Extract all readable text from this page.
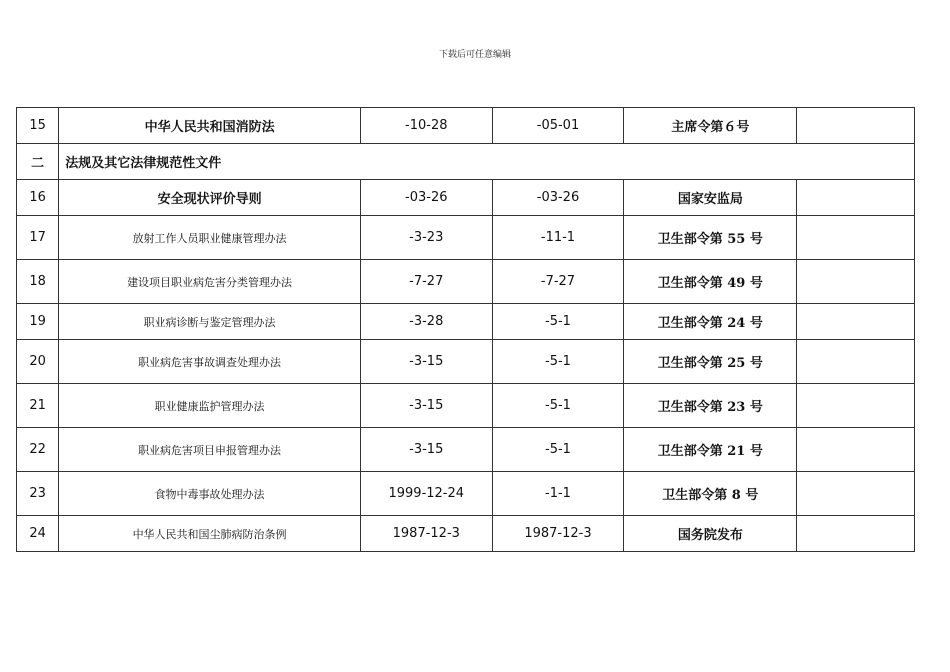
下载后可任意编辑
15	中华人民共和国消防法	-10-28	-05-01	主席令第６号	
二	法规及其它法律规范性文件				
16	安全现状评价导则	-03-26	-03-26	国家安监局	
17	放射工作人员职业健康管理办法	-3-23	-11-1	卫生部令第 55 号	
18	建设项目职业病危害分类管理办法	-7-27	-7-27	卫生部令第 49 号	
19	职业病诊断与鉴定管理办法	-3-28	-5-1	卫生部令第 24 号	
20	职业病危害事故调查处理办法	-3-15	-5-1	卫生部令第 25 号	
21	职业健康监护管理办法	-3-15	-5-1	卫生部令第 23 号	
22	职业病危害项目申报管理办法	-3-15	-5-1	卫生部令第 21 号	
23	食物中毒事故处理办法	1999-12-24	-1-1	卫生部令第 8 号	
24	中华人民共和国尘肺病防治条例	1987-12-3	1987-12-3	国务院发布	
